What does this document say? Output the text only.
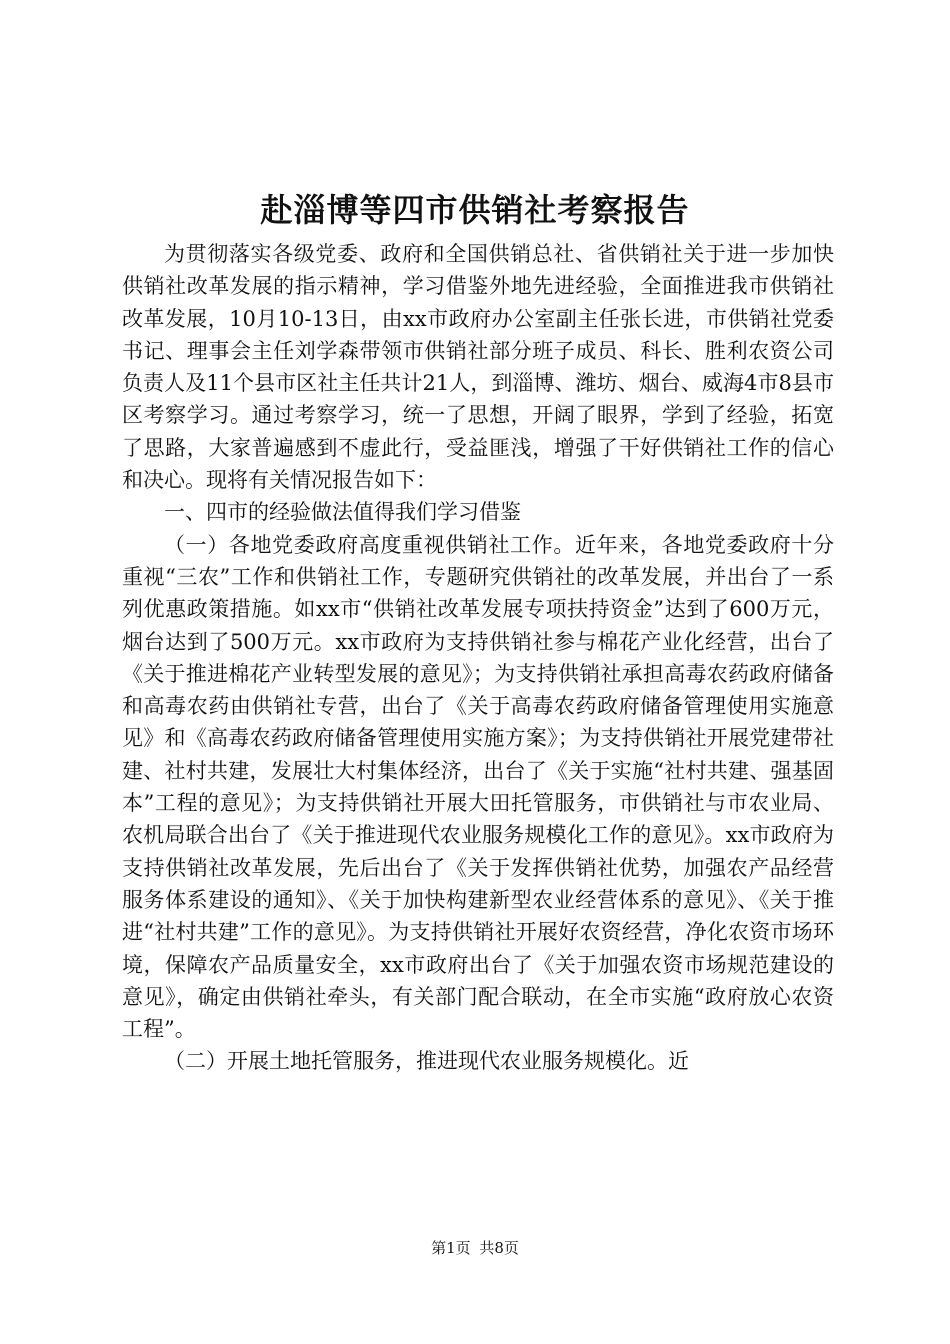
赴淄博等四市供销社考察报告

为贯彻落实各级党委、政府和全国供销总社、省供销社关于进一步加快供销社改革发展的指示精神，学习借鉴外地先进经验，全面推进我市供销社改革发展，10月10-13日，由xx市政府办公室副主任张长进，市供销社党委书记、理事会主任刘学森带领市供销社部分班子成员、科长、胜利农资公司负责人及11个县市区社主任共计21人，到淄博、潍坊、烟台、威海4市8县市区考察学习。通过考察学习，统一了思想，开阔了眼界，学到了经验，拓宽了思路，大家普遍感到不虚此行，受益匪浅，增强了干好供销社工作的信心和决心。现将有关情况报告如下：

一、四市的经验做法值得我们学习借鉴

（一）各地党委政府高度重视供销社工作。近年来，各地党委政府十分重视“三农”工作和供销社工作，专题研究供销社的改革发展，并出台了一系列优惠政策措施。如xx市“供销社改革发展专项扶持资金”达到了600万元，烟台达到了500万元。xx市政府为支持供销社参与棉花产业化经营，出台了《关于推进棉花产业转型发展的意见》；为支持供销社承担高毒农药政府储备和高毒农药由供销社专营，出台了《关于高毒农药政府储备管理使用实施意见》和《高毒农药政府储备管理使用实施方案》；为支持供销社开展党建带社建、社村共建，发展壮大村集体经济，出台了《关于实施“社村共建、强基固本”工程的意见》；为支持供销社开展大田托管服务，市供销社与市农业局、农机局联合出台了《关于推进现代农业服务规模化工作的意见》。xx市政府为支持供销社改革发展，先后出台了《关于发挥供销社优势，加强农产品经营服务体系建设的通知》、《关于加快构建新型农业经营体系的意见》、《关于推进“社村共建”工作的意见》。为支持供销社开展好农资经营，净化农资市场环境，保障农产品质量安全，xx市政府出台了《关于加强农资市场规范建设的意见》，确定由供销社牵头，有关部门配合联动，在全市实施“政府放心农资工程”。

（二）开展土地托管服务，推进现代农业服务规模化。近

第1页 共8页
